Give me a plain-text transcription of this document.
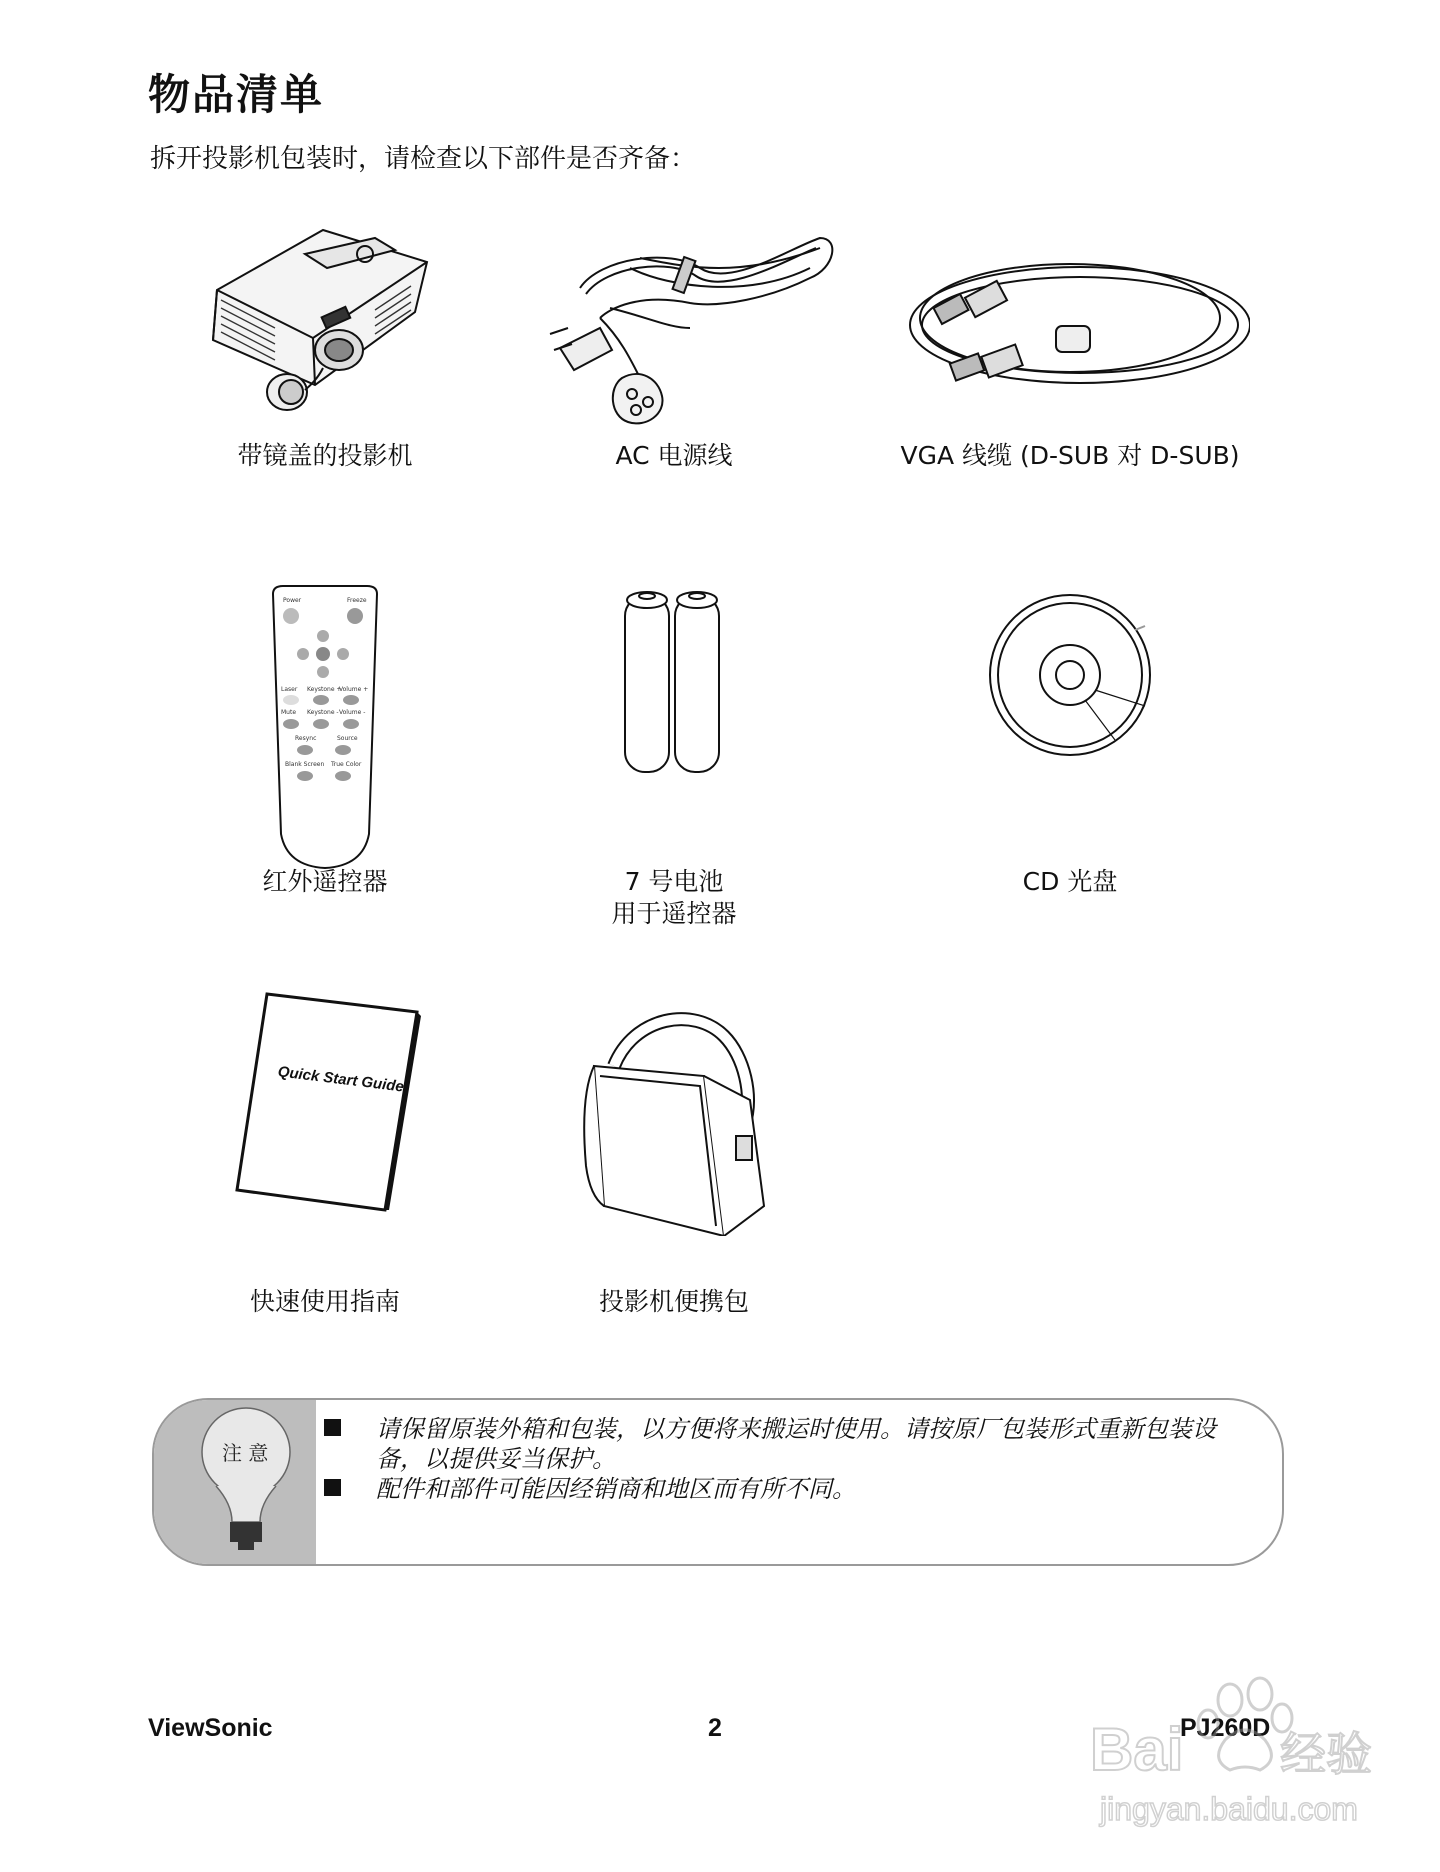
物品清单
拆开投影机包装时，请检查以下部件是否齐备：
带镜盖的投影机	AC 电源线	VGA 线缆 (D-SUB 对 D-SUB)
Power	Freeze
Laser Keystone +
Volume +
Mute Keystone - Volume -
Resync	Source
Blank Screen True Color
红外遥控器	7 号电池
用于遥控器
CD 光盘
Quick Start Guide
快速使用指南	投影机便携包
注 意
请保留原装外箱和包装，以方便将来搬运时使用。请按原厂包装形式重新包装设备，以提供妥当保护。
配件和部件可能因经销商和地区而有所不同。
ViewSonic	2	PJ260D
Bai 经验
jingyan.baidu.com
